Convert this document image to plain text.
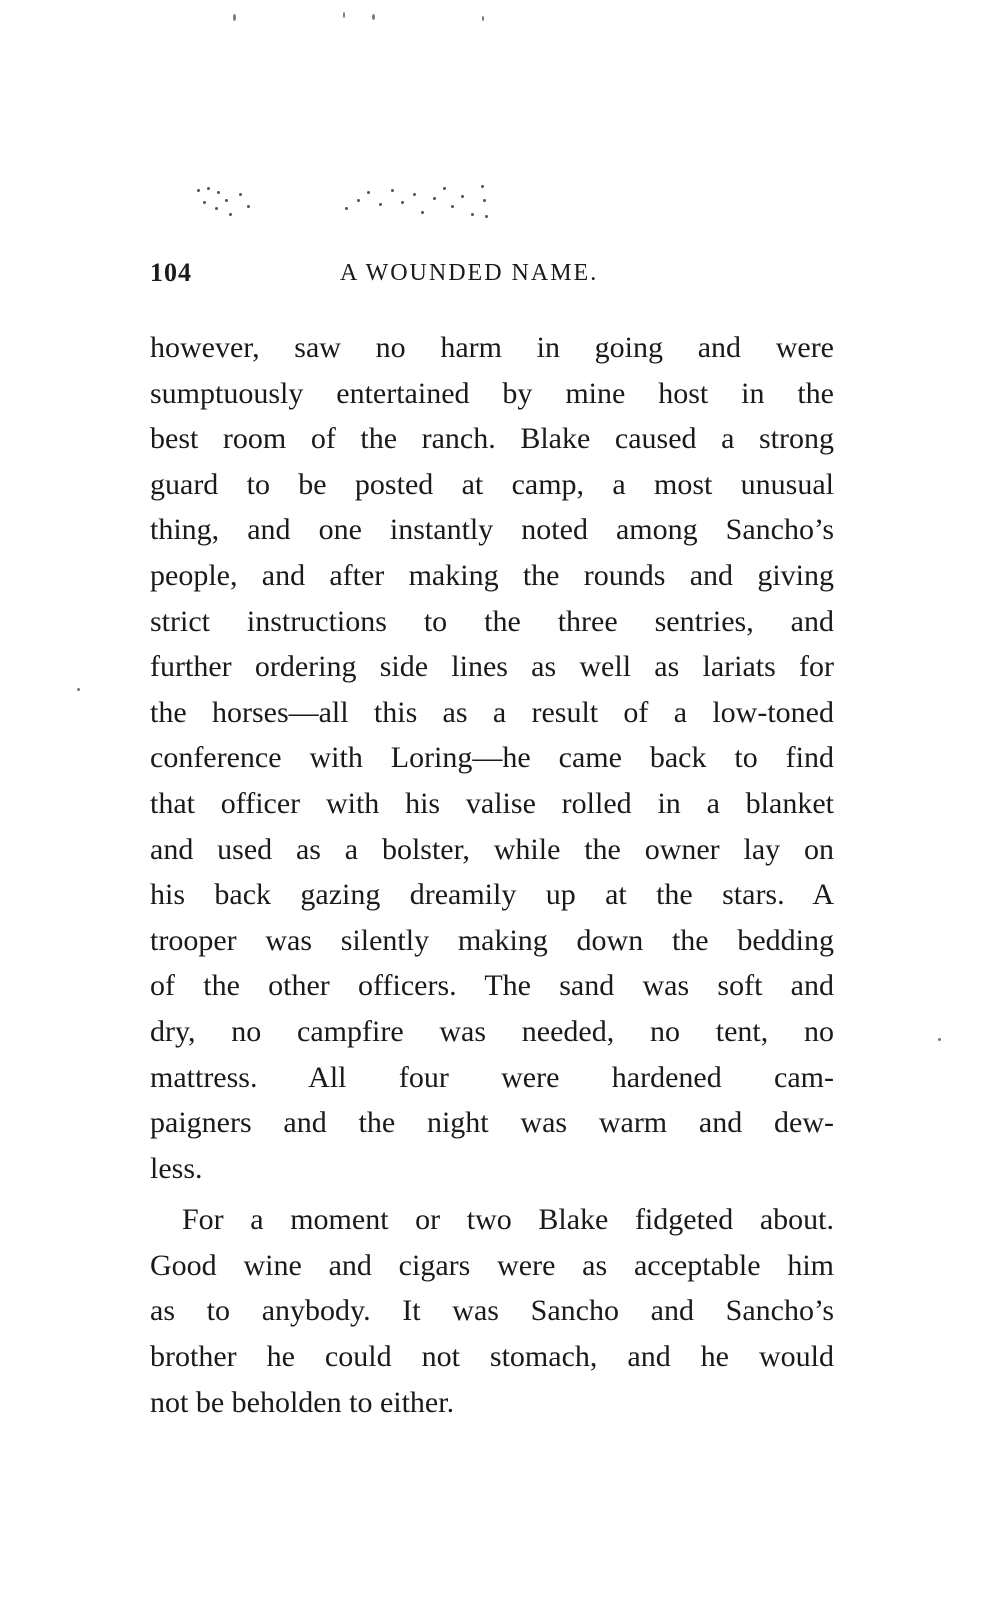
104	A WOUNDED NAME.
however, saw no harm in going and were
sumptuously entertained by mine host in the
best room of the ranch. Blake caused a strong
guard to be posted at camp, a most unusual
thing, and one instantly noted among Sancho’s
people, and after making the rounds and giving
strict instructions to the three sentries, and
further ordering side lines as well as lariats for
the horses—all this as a result of a low-toned
conference with Loring—he came back to find
that officer with his valise rolled in a blanket
and used as a bolster, while the owner lay on
his back gazing dreamily up at the stars. A
trooper was silently making down the bedding
of the other officers. The sand was soft and
dry, no campfire was needed, no tent, no
mattress. All four were hardened cam-
paigners and the night was warm and dew-
less.
For a moment or two Blake fidgeted about.
Good wine and cigars were as acceptable him
as to anybody. It was Sancho and Sancho’s
brother he could not stomach, and he would
not be beholden to either.
